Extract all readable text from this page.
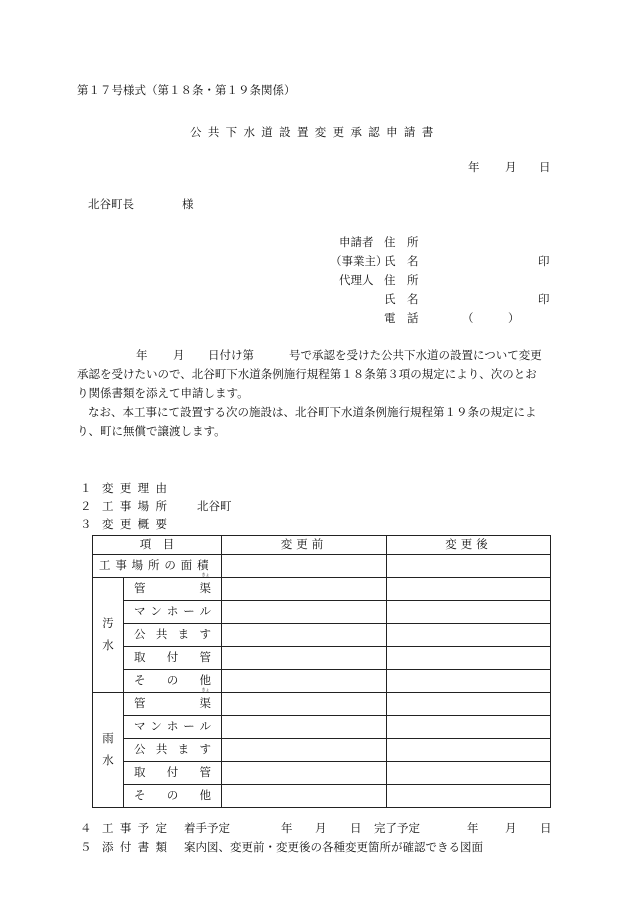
第１７号様式（第１８条・第１９条関係）
公共下水道設置変更承認申請書
年 月 日
北谷町長	様
申請者 住　所
（事業主）
氏　名	印
代理人 住　所
氏　名	印
電　話	（　　　）
年 月 日付け第	号で承認を受けた公共下水道の設置について変更
承認を受けたいので、北谷町下水道条例施行規程第１８条第３項の規定により、次のとお
り関係書類を添えて申請します。
なお、本工事にて設置する次の施設は、北谷町下水道条例施行規程第１９条の規定によ
り、町に無償で譲渡します。
１ 変更理由
２ 工事場所 北谷町
３ 変更概要
項　目		変更前	変更後
工事場所の面積			

汚水	管渠
きょ		

	マンホール		
	公共ます		
	取付管		
	その他		

雨水	管渠
きょ		

	マンホール		
	公共ます		
	取付管		
	その他		
４ 工事予定 着手予定	年 月 日 完了予定	年 月 日
５ 添付書類 案内図、変更前・変更後の各種変更箇所が確認できる図面
